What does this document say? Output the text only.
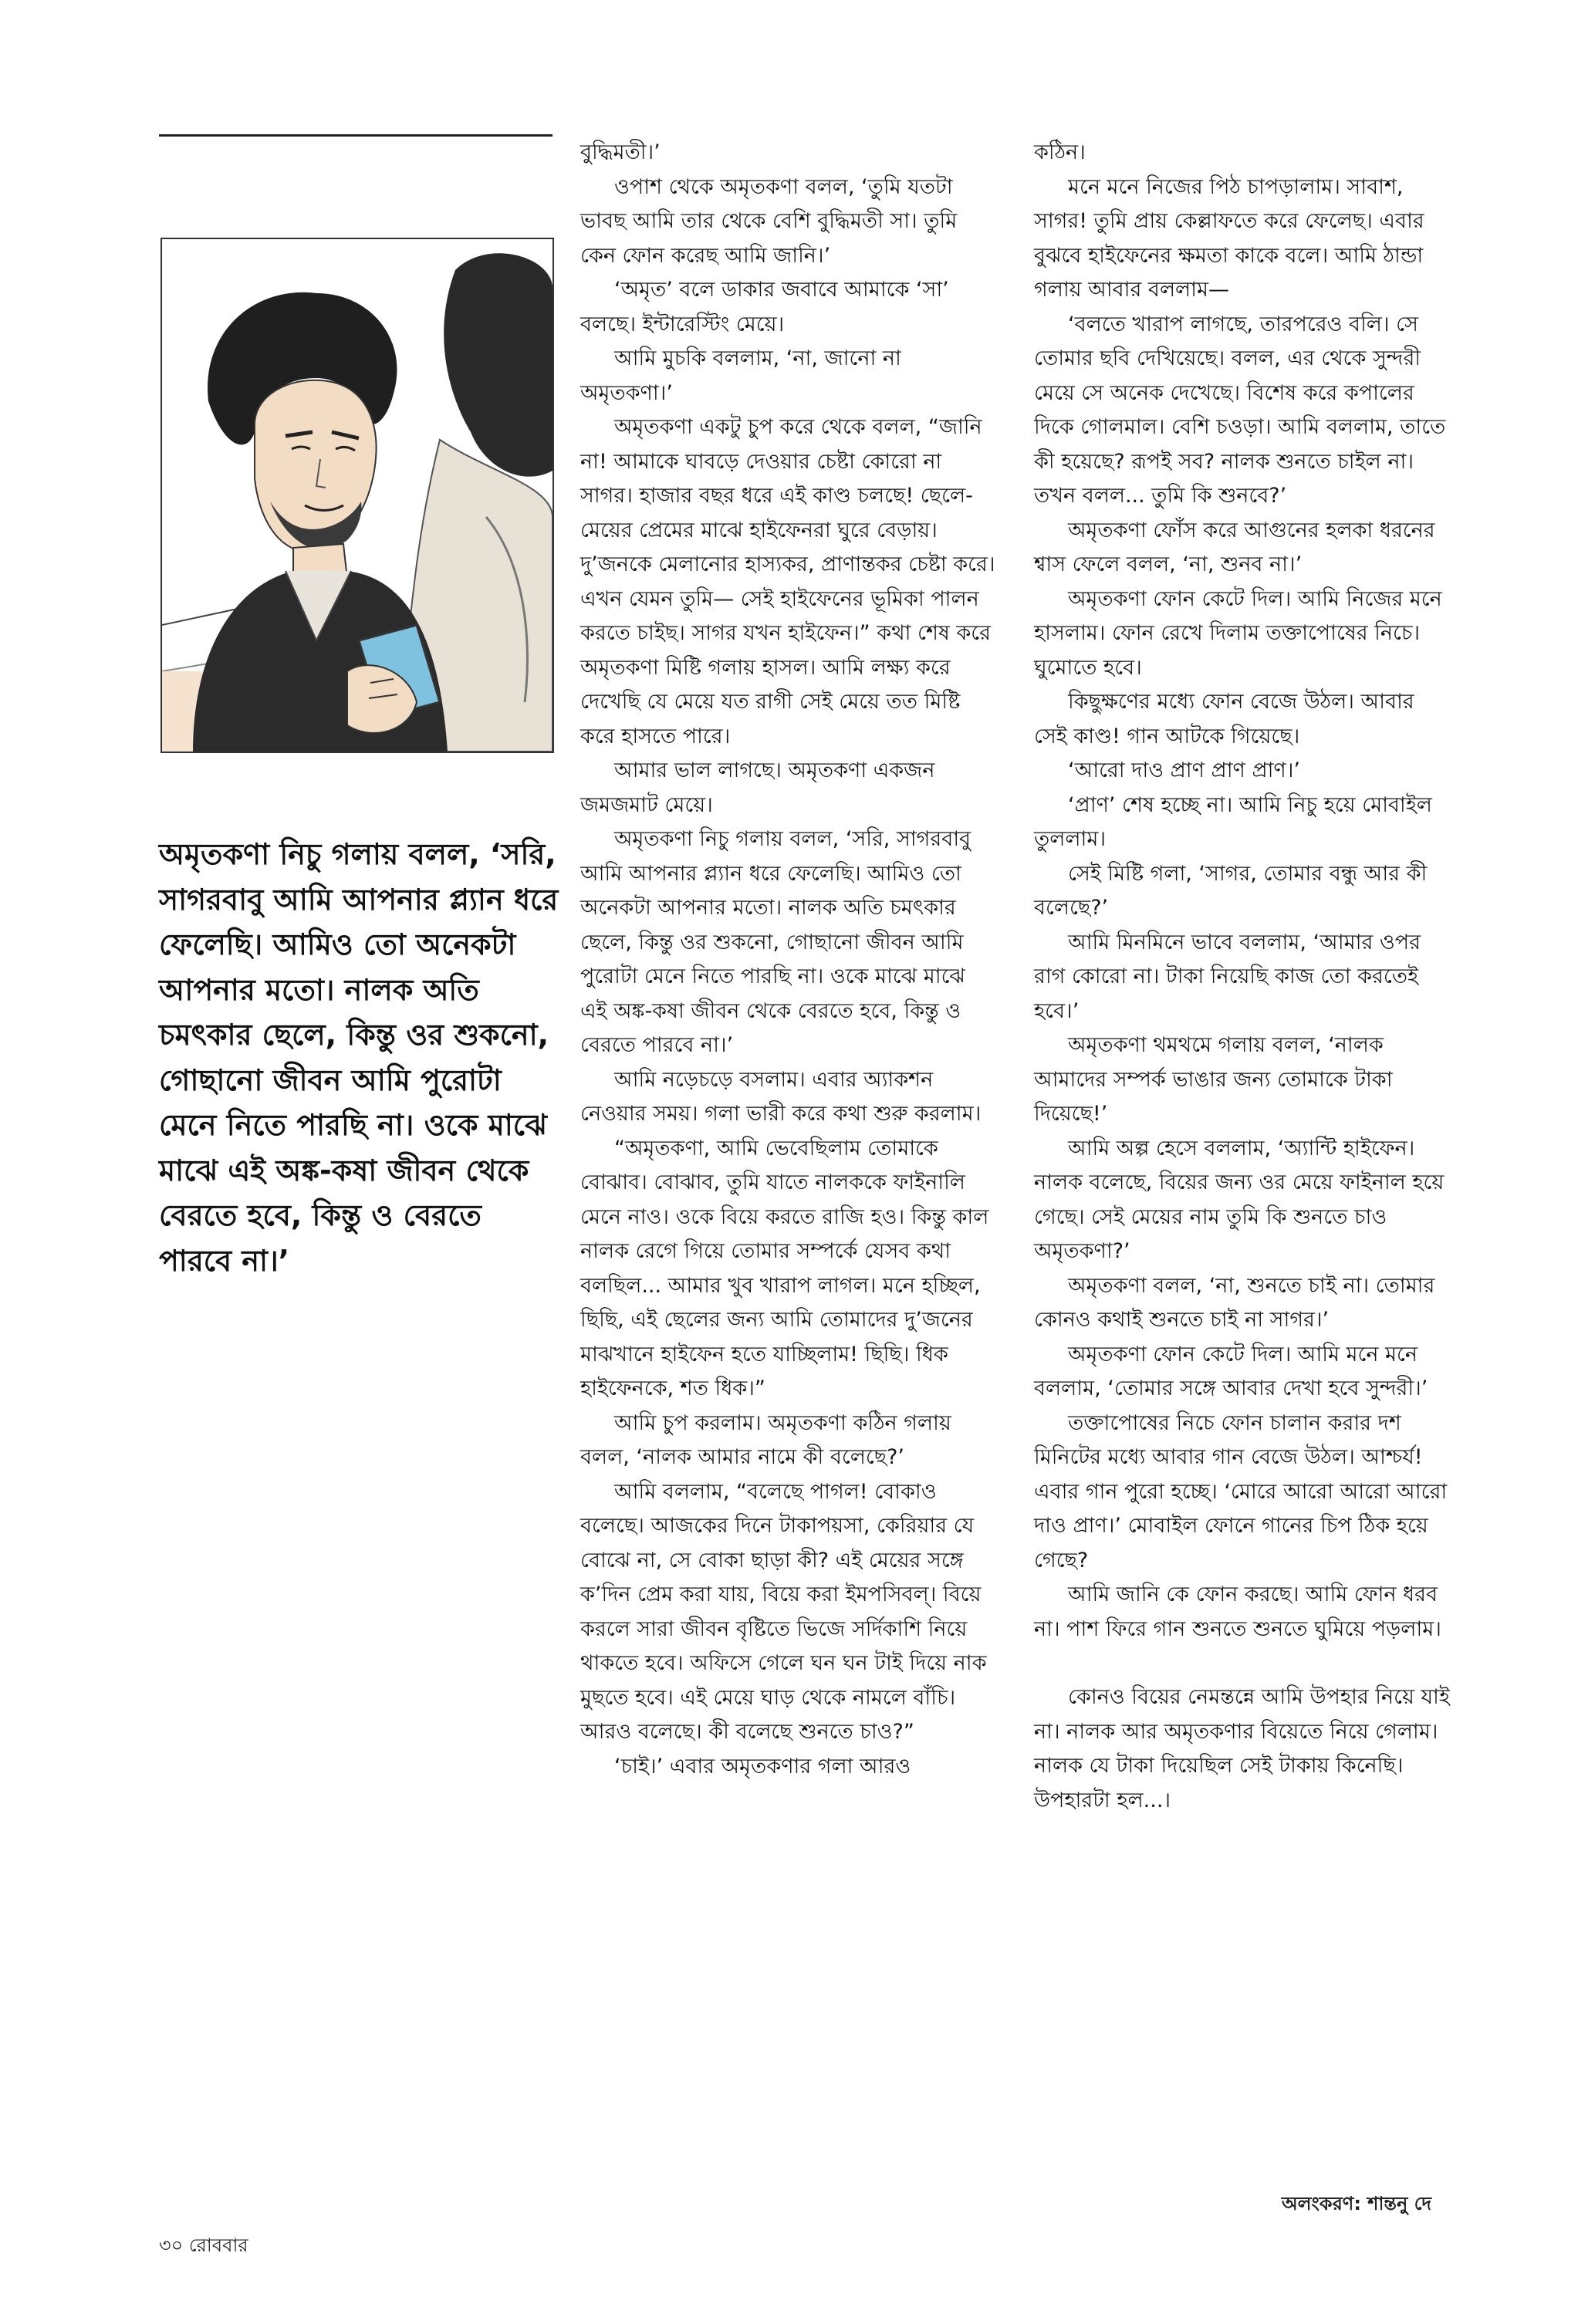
অমৃতকণা নিচু গলায় বলল, ‘সরি, সাগরবাবু আমি আপনার প্ল্যান ধরে ফেলেছি। আমিও তো অনেকটা আপনার মতো। নালক অতি চমৎকার ছেলে, কিন্তু ওর শুকনো, গোছানো জীবন আমি পুরোটা মেনে নিতে পারছি না। ওকে মাঝে মাঝে এই অঙ্ক-কষা জীবন থেকে বেরতে হবে, কিন্তু ও বেরতে পারবে না।’

বুদ্ধিমতী।’

ওপাশ থেকে অমৃতকণা বলল, ‘তুমি যতটা ভাবছ আমি তার থেকে বেশি বুদ্ধিমতী সা। তুমি কেন ফোন করেছ আমি জানি।’

‘অমৃত’ বলে ডাকার জবাবে আমাকে ‘সা’ বলছে। ইন্টারেস্টিং মেয়ে।

আমি মুচকি বললাম, ‘না, জানো না অমৃতকণা।’

অমৃতকণা একটু চুপ করে থেকে বলল, “জানি না! আমাকে ঘাবড়ে দেওয়ার চেষ্টা কোরো না সাগর। হাজার বছর ধরে এই কাণ্ড চলছে! ছেলে-মেয়ের প্রেমের মাঝে হাইফেনরা ঘুরে বেড়ায়। দু’জনকে মেলানোর হাস্যকর, প্রাণান্তকর চেষ্টা করে। এখন যেমন তুমি— সেই হাইফেনের ভূমিকা পালন করতে চাইছ। সাগর যখন হাইফেন।” কথা শেষ করে অমৃতকণা মিষ্টি গলায় হাসল। আমি লক্ষ্য করে দেখেছি যে মেয়ে যত রাগী সেই মেয়ে তত মিষ্টি করে হাসতে পারে।

আমার ভাল লাগছে। অমৃতকণা একজন জমজমাট মেয়ে।

অমৃতকণা নিচু গলায় বলল, ‘সরি, সাগরবাবু আমি আপনার প্ল্যান ধরে ফেলেছি। আমিও তো অনেকটা আপনার মতো। নালক অতি চমৎকার ছেলে, কিন্তু ওর শুকনো, গোছানো জীবন আমি পুরোটা মেনে নিতে পারছি না। ওকে মাঝে মাঝে এই অঙ্ক-কষা জীবন থেকে বেরতে হবে, কিন্তু ও বেরতে পারবে না।’

আমি নড়েচড়ে বসলাম। এবার অ্যাকশন নেওয়ার সময়। গলা ভারী করে কথা শুরু করলাম।

“অমৃতকণা, আমি ভেবেছিলাম তোমাকে বোঝাব। বোঝাব, তুমি যাতে নালককে ফাইনালি মেনে নাও। ওকে বিয়ে করতে রাজি হও। কিন্তু কাল নালক রেগে গিয়ে তোমার সম্পর্কে যেসব কথা বলছিল... আমার খুব খারাপ লাগল। মনে হচ্ছিল, ছিছি, এই ছেলের জন্য আমি তোমাদের দু’জনের মাঝখানে হাইফেন হতে যাচ্ছিলাম! ছিছি। ধিক হাইফেনকে, শত ধিক।”

আমি চুপ করলাম। অমৃতকণা কঠিন গলায় বলল, ‘নালক আমার নামে কী বলেছে?’

আমি বললাম, “বলেছে পাগল! বোকাও বলেছে। আজকের দিনে টাকাপয়সা, কেরিয়ার যে বোঝে না, সে বোকা ছাড়া কী? এই মেয়ের সঙ্গে ক’দিন প্রেম করা যায়, বিয়ে করা ইমপসিবল্‌। বিয়ে করলে সারা জীবন বৃষ্টিতে ভিজে সর্দিকাশি নিয়ে থাকতে হবে। অফিসে গেলে ঘন ঘন টাই দিয়ে নাক মুছতে হবে। এই মেয়ে ঘাড় থেকে নামলে বাঁচি। আরও বলেছে। কী বলেছে শুনতে চাও?”

‘চাই।’ এবার অমৃতকণার গলা আরও

কঠিন।

মনে মনে নিজের পিঠ চাপড়ালাম। সাবাশ, সাগর! তুমি প্রায় কেল্লাফতে করে ফেলেছ। এবার বুঝবে হাইফেনের ক্ষমতা কাকে বলে। আমি ঠান্ডা গলায় আবার বললাম—

‘বলতে খারাপ লাগছে, তারপরেও বলি। সে তোমার ছবি দেখিয়েছে। বলল, এর থেকে সুন্দরী মেয়ে সে অনেক দেখেছে। বিশেষ করে কপালের দিকে গোলমাল। বেশি চওড়া। আমি বললাম, তাতে কী হয়েছে? রূপই সব? নালক শুনতে চাইল না। তখন বলল... তুমি কি শুনবে?’

অমৃতকণা ফোঁস করে আগুনের হলকা ধরনের শ্বাস ফেলে বলল, ‘না, শুনব না।’

অমৃতকণা ফোন কেটে দিল। আমি নিজের মনে হাসলাম। ফোন রেখে দিলাম তক্তাপোষের নিচে। ঘুমোতে হবে।

কিছুক্ষণের মধ্যে ফোন বেজে উঠল। আবার সেই কাণ্ড! গান আটকে গিয়েছে।

‘আরো দাও প্রাণ প্রাণ প্রাণ।’

‘প্রাণ’ শেষ হচ্ছে না। আমি নিচু হয়ে মোবাইল তুললাম।

সেই মিষ্টি গলা, ‘সাগর, তোমার বন্ধু আর কী বলেছে?’

আমি মিনমিনে ভাবে বললাম, ‘আমার ওপর রাগ কোরো না। টাকা নিয়েছি কাজ তো করতেই হবে।’

অমৃতকণা থমথমে গলায় বলল, ‘নালক আমাদের সম্পর্ক ভাঙার জন্য তোমাকে টাকা দিয়েছে!’

আমি অল্প হেসে বললাম, ‘অ্যান্টি হাইফেন। নালক বলেছে, বিয়ের জন্য ওর মেয়ে ফাইনাল হয়ে গেছে। সেই মেয়ের নাম তুমি কি শুনতে চাও অমৃতকণা?’

অমৃতকণা বলল, ‘না, শুনতে চাই না। তোমার কোনও কথাই শুনতে চাই না সাগর।’

অমৃতকণা ফোন কেটে দিল। আমি মনে মনে বললাম, ‘তোমার সঙ্গে আবার দেখা হবে সুন্দরী।’

তক্তাপোষের নিচে ফোন চালান করার দশ মিনিটের মধ্যে আবার গান বেজে উঠল। আশ্চর্য! এবার গান পুরো হচ্ছে। ‘মোরে আরো আরো আরো দাও প্রাণ।’ মোবাইল ফোনে গানের চিপ ঠিক হয়ে গেছে?

আমি জানি কে ফোন করছে। আমি ফোন ধরব না। পাশ ফিরে গান শুনতে শুনতে ঘুমিয়ে পড়লাম।

কোনও বিয়ের নেমন্তন্নে আমি উপহার নিয়ে যাই না। নালক আর অমৃতকণার বিয়েতে নিয়ে গেলাম। নালক যে টাকা দিয়েছিল সেই টাকায় কিনেছি। উপহারটা হল...।

অলংকরণ: শান্তনু দে
৩০ রোববার
